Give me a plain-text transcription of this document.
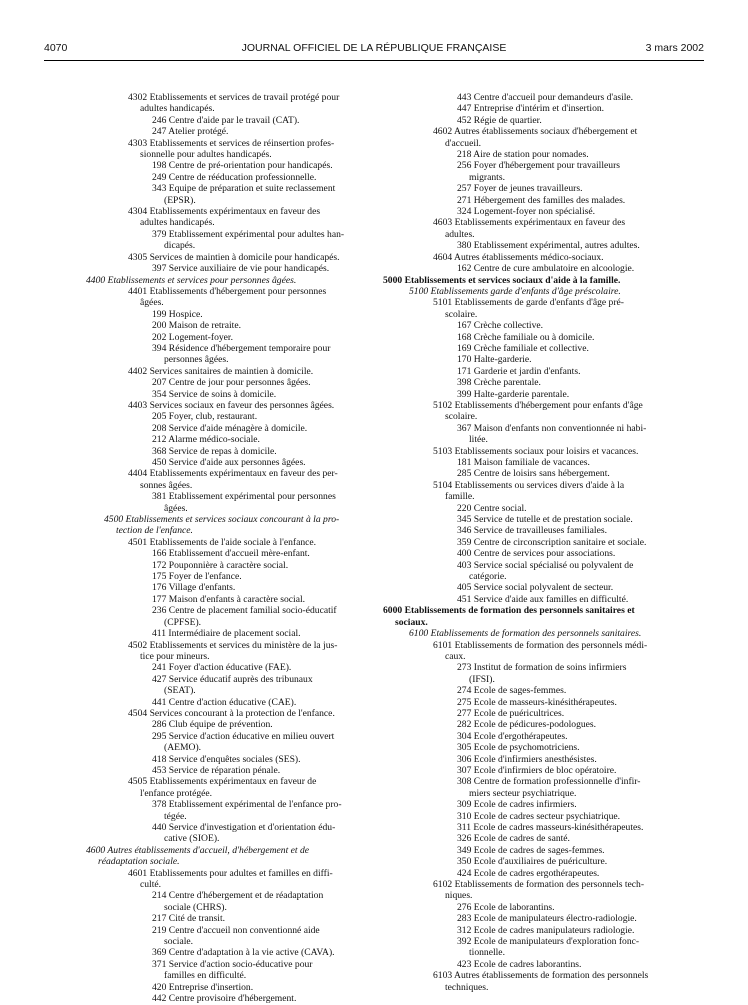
4070	JOURNAL OFFICIEL DE LA RÉPUBLIQUE FRANÇAISE	3 mars 2002
4302 Etablissements et services de travail protégé pour
adultes handicapés.
246 Centre d'aide par le travail (CAT).
247 Atelier protégé.
4303 Etablissements et services de réinsertion profes-
sionnelle pour adultes handicapés.
198 Centre de pré-orientation pour handicapés.
249 Centre de rééducation professionnelle.
343 Equipe de préparation et suite reclassement
(EPSR).
4304 Etablissements expérimentaux en faveur des
adultes handicapés.
379 Etablissement expérimental pour adultes han-
dicapés.
4305 Services de maintien à domicile pour handicapés.
397 Service auxiliaire de vie pour handicapés.
4400 Etablissements et services pour personnes âgées.
4401 Etablissements d'hébergement pour personnes
âgées.
199 Hospice.
200 Maison de retraite.
202 Logement-foyer.
394 Résidence d'hébergement temporaire pour
personnes âgées.
4402 Services sanitaires de maintien à domicile.
207 Centre de jour pour personnes âgées.
354 Service de soins à domicile.
4403 Services sociaux en faveur des personnes âgées.
205 Foyer, club, restaurant.
208 Service d'aide ménagère à domicile.
212 Alarme médico-sociale.
368 Service de repas à domicile.
450 Service d'aide aux personnes âgées.
4404 Etablissements expérimentaux en faveur des per-
sonnes âgées.
381 Etablissement expérimental pour personnes
âgées.
4500 Etablissements et services sociaux concourant à la pro-
tection de l'enfance.
4501 Etablissements de l'aide sociale à l'enfance.
166 Etablissement d'accueil mère-enfant.
172 Pouponnière à caractère social.
175 Foyer de l'enfance.
176 Village d'enfants.
177 Maison d'enfants à caractère social.
236 Centre de placement familial socio-éducatif
(CPFSE).
411 Intermédiaire de placement social.
4502 Etablissements et services du ministère de la jus-
tice pour mineurs.
241 Foyer d'action éducative (FAE).
427 Service éducatif auprès des tribunaux
(SEAT).
441 Centre d'action éducative (CAE).
4504 Services concourant à la protection de l'enfance.
286 Club équipe de prévention.
295 Service d'action éducative en milieu ouvert
(AEMO).
418 Service d'enquêtes sociales (SES).
453 Service de réparation pénale.
4505 Etablissements expérimentaux en faveur de
l'enfance protégée.
378 Etablissement expérimental de l'enfance pro-
tégée.
440 Service d'investigation et d'orientation édu-
cative (SIOE).
4600 Autres établissements d'accueil, d'hébergement et de
réadaptation sociale.
4601 Etablissements pour adultes et familles en diffi-
culté.
214 Centre d'hébergement et de réadaptation
sociale (CHRS).
217 Cité de transit.
219 Centre d'accueil non conventionné aide
sociale.
369 Centre d'adaptation à la vie active (CAVA).
371 Service d'action socio-éducative pour
familles en difficulté.
420 Entreprise d'insertion.
442 Centre provisoire d'hébergement.
443 Centre d'accueil pour demandeurs d'asile.
447 Entreprise d'intérim et d'insertion.
452 Régie de quartier.
4602 Autres établissements sociaux d'hébergement et
d'accueil.
218 Aire de station pour nomades.
256 Foyer d'hébergement pour travailleurs
migrants.
257 Foyer de jeunes travailleurs.
271 Hébergement des familles des malades.
324 Logement-foyer non spécialisé.
4603 Etablissements expérimentaux en faveur des
adultes.
380 Etablissement expérimental, autres adultes.
4604 Autres établissements médico-sociaux.
162 Centre de cure ambulatoire en alcoologie.
5000 Etablissements et services sociaux d'aide à la famille.
5100 Etablissements garde d'enfants d'âge préscolaire.
5101 Etablissements de garde d'enfants d'âge pré-
scolaire.
167 Crèche collective.
168 Crèche familiale ou à domicile.
169 Crèche familiale et collective.
170 Halte-garderie.
171 Garderie et jardin d'enfants.
398 Crèche parentale.
399 Halte-garderie parentale.
5102 Etablissements d'hébergement pour enfants d'âge
scolaire.
367 Maison d'enfants non conventionnée ni habi-
litée.
5103 Etablissements sociaux pour loisirs et vacances.
181 Maison familiale de vacances.
285 Centre de loisirs sans hébergement.
5104 Etablissements ou services divers d'aide à la
famille.
220 Centre social.
345 Service de tutelle et de prestation sociale.
346 Service de travailleuses familiales.
359 Centre de circonscription sanitaire et sociale.
400 Centre de services pour associations.
403 Service social spécialisé ou polyvalent de
catégorie.
405 Service social polyvalent de secteur.
451 Service d'aide aux familles en difficulté.
6000 Etablissements de formation des personnels sanitaires et
sociaux.
6100 Etablissements de formation des personnels sanitaires.
6101 Etablissements de formation des personnels médi-
caux.
273 Institut de formation de soins infirmiers
(IFSI).
274 Ecole de sages-femmes.
275 Ecole de masseurs-kinésithérapeutes.
277 Ecole de puéricultrices.
282 Ecole de pédicures-podologues.
304 Ecole d'ergothérapeutes.
305 Ecole de psychomotriciens.
306 Ecole d'infirmiers anesthésistes.
307 Ecole d'infirmiers de bloc opératoire.
308 Centre de formation professionnelle d'infir-
miers secteur psychiatrique.
309 Ecole de cadres infirmiers.
310 Ecole de cadres secteur psychiatrique.
311 Ecole de cadres masseurs-kinésithérapeutes.
326 Ecole de cadres de santé.
349 Ecole de cadres de sages-femmes.
350 Ecole d'auxiliaires de puériculture.
424 Ecole de cadres ergothérapeutes.
6102 Etablissements de formation des personnels tech-
niques.
276 Ecole de laborantins.
283 Ecole de manipulateurs électro-radiologie.
312 Ecole de cadres manipulateurs radiologie.
392 Ecole de manipulateurs d'exploration fonc-
tionnelle.
423 Ecole de cadres laborantins.
6103 Autres établissements de formation des personnels
techniques.
